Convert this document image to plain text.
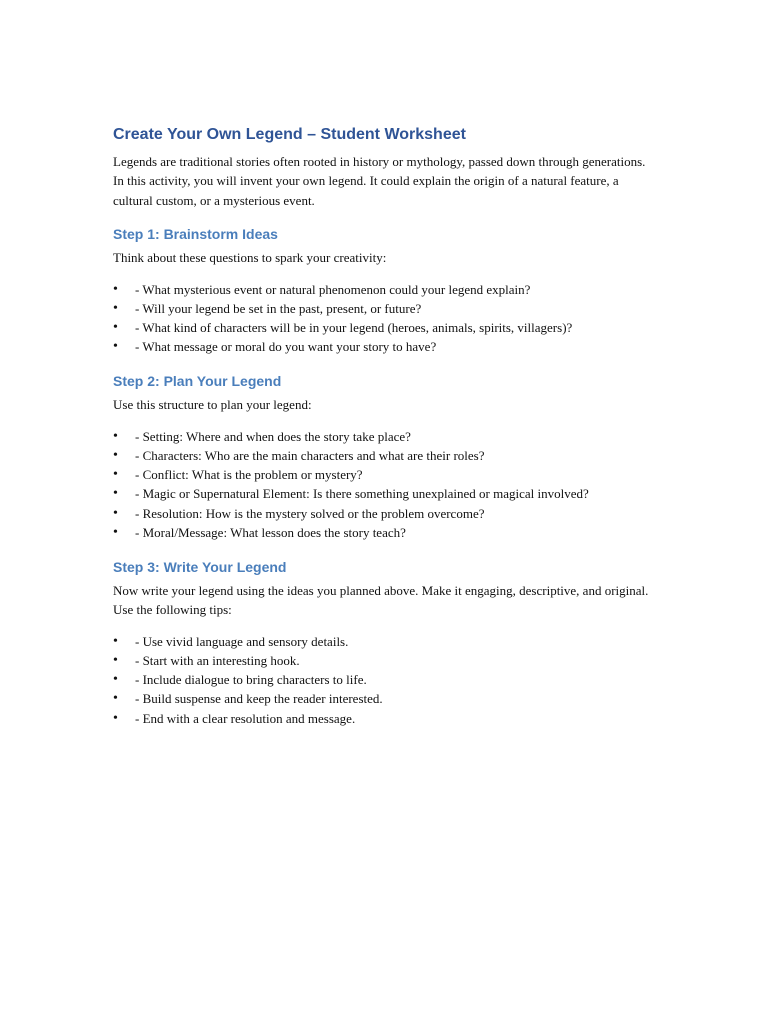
Create Your Own Legend – Student Worksheet

Legends are traditional stories often rooted in history or mythology, passed down through generations. In this activity, you will invent your own legend. It could explain the origin of a natural feature, a cultural custom, or a mysterious event.

Step 1: Brainstorm Ideas

Think about these questions to spark your creativity:

• - What mysterious event or natural phenomenon could your legend explain?
• - Will your legend be set in the past, present, or future?
• - What kind of characters will be in your legend (heroes, animals, spirits, villagers)?
• - What message or moral do you want your story to have?
Step 2: Plan Your Legend

Use this structure to plan your legend:

• - Setting: Where and when does the story take place?
• - Characters: Who are the main characters and what are their roles?
• - Conflict: What is the problem or mystery?
• - Magic or Supernatural Element: Is there something unexplained or magical involved?
• - Resolution: How is the mystery solved or the problem overcome?
• - Moral/Message: What lesson does the story teach?
Step 3: Write Your Legend

Now write your legend using the ideas you planned above. Make it engaging, descriptive, and original. Use the following tips:

• - Use vivid language and sensory details.
• - Start with an interesting hook.
• - Include dialogue to bring characters to life.
• - Build suspense and keep the reader interested.
• - End with a clear resolution and message.
